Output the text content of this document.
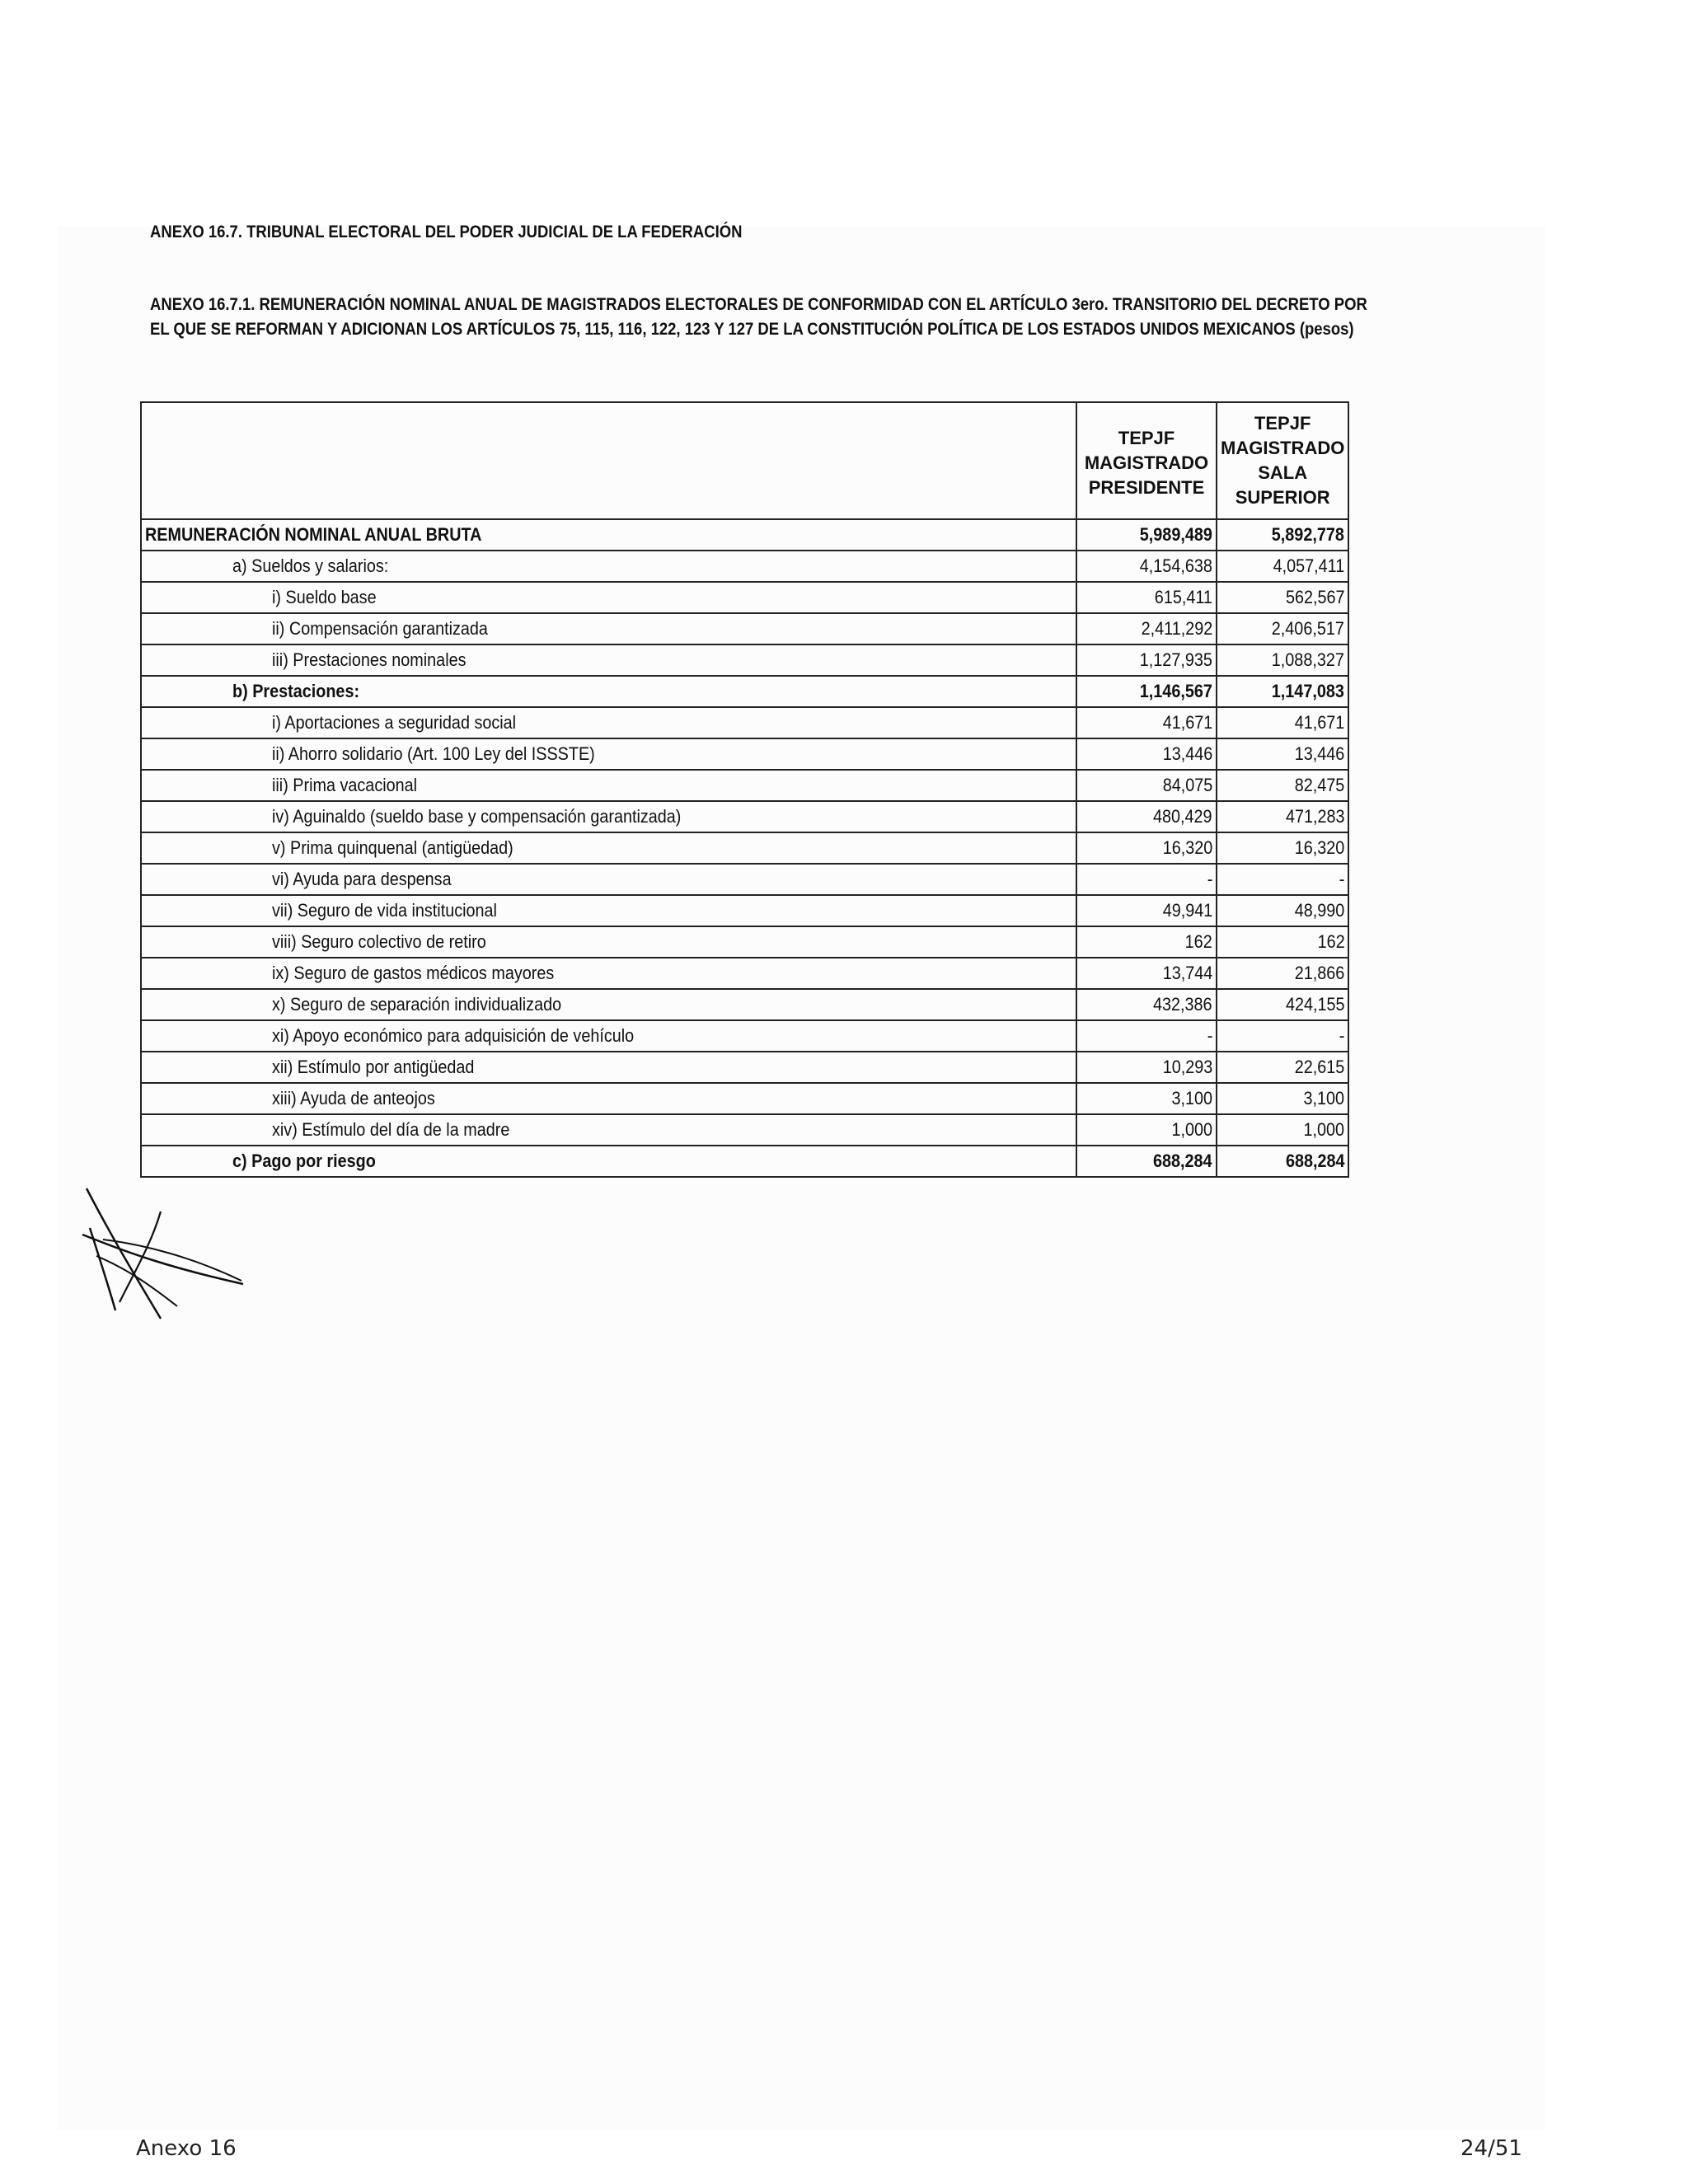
ANEXO 16.7. TRIBUNAL ELECTORAL DEL PODER JUDICIAL DE LA FEDERACIÓN
ANEXO 16.7.1. REMUNERACIÓN NOMINAL ANUAL DE MAGISTRADOS ELECTORALES DE CONFORMIDAD CON EL ARTÍCULO 3ero. TRANSITORIO DEL DECRETO POR EL QUE SE REFORMAN Y ADICIONAN LOS ARTÍCULOS 75, 115, 116, 122, 123 Y 127 DE LA CONSTITUCIÓN POLÍTICA DE LOS ESTADOS UNIDOS MEXICANOS (pesos)

	TEPJF
MAGISTRADO
PRESIDENTE	TEPJF
MAGISTRADO
SALA
SUPERIOR

REMUNERACIÓN NOMINAL ANUAL BRUTA	5,989,489	5,892,778
a) Sueldos y salarios:	4,154,638	4,057,411
i) Sueldo base	615,411	562,567
ii) Compensación garantizada	2,411,292	2,406,517
iii) Prestaciones nominales	1,127,935	1,088,327
b) Prestaciones:	1,146,567	1,147,083
i) Aportaciones a seguridad social	41,671	41,671
ii) Ahorro solidario (Art. 100 Ley del ISSSTE)	13,446	13,446
iii) Prima vacacional	84,075	82,475
iv) Aguinaldo (sueldo base y compensación garantizada)	480,429	471,283
v) Prima quinquenal (antigüedad)	16,320	16,320
vi) Ayuda para despensa	-	-
vii) Seguro de vida institucional	49,941	48,990
viii) Seguro colectivo de retiro	162	162
ix) Seguro de gastos médicos mayores	13,744	21,866
x) Seguro de separación individualizado	432,386	424,155
xi) Apoyo económico para adquisición de vehículo	-	-
xii) Estímulo por antigüedad	10,293	22,615
xiii) Ayuda de anteojos	3,100	3,100
xiv) Estímulo del día de la madre	1,000	1,000
c) Pago por riesgo	688,284	688,284
Anexo 16	24/51
